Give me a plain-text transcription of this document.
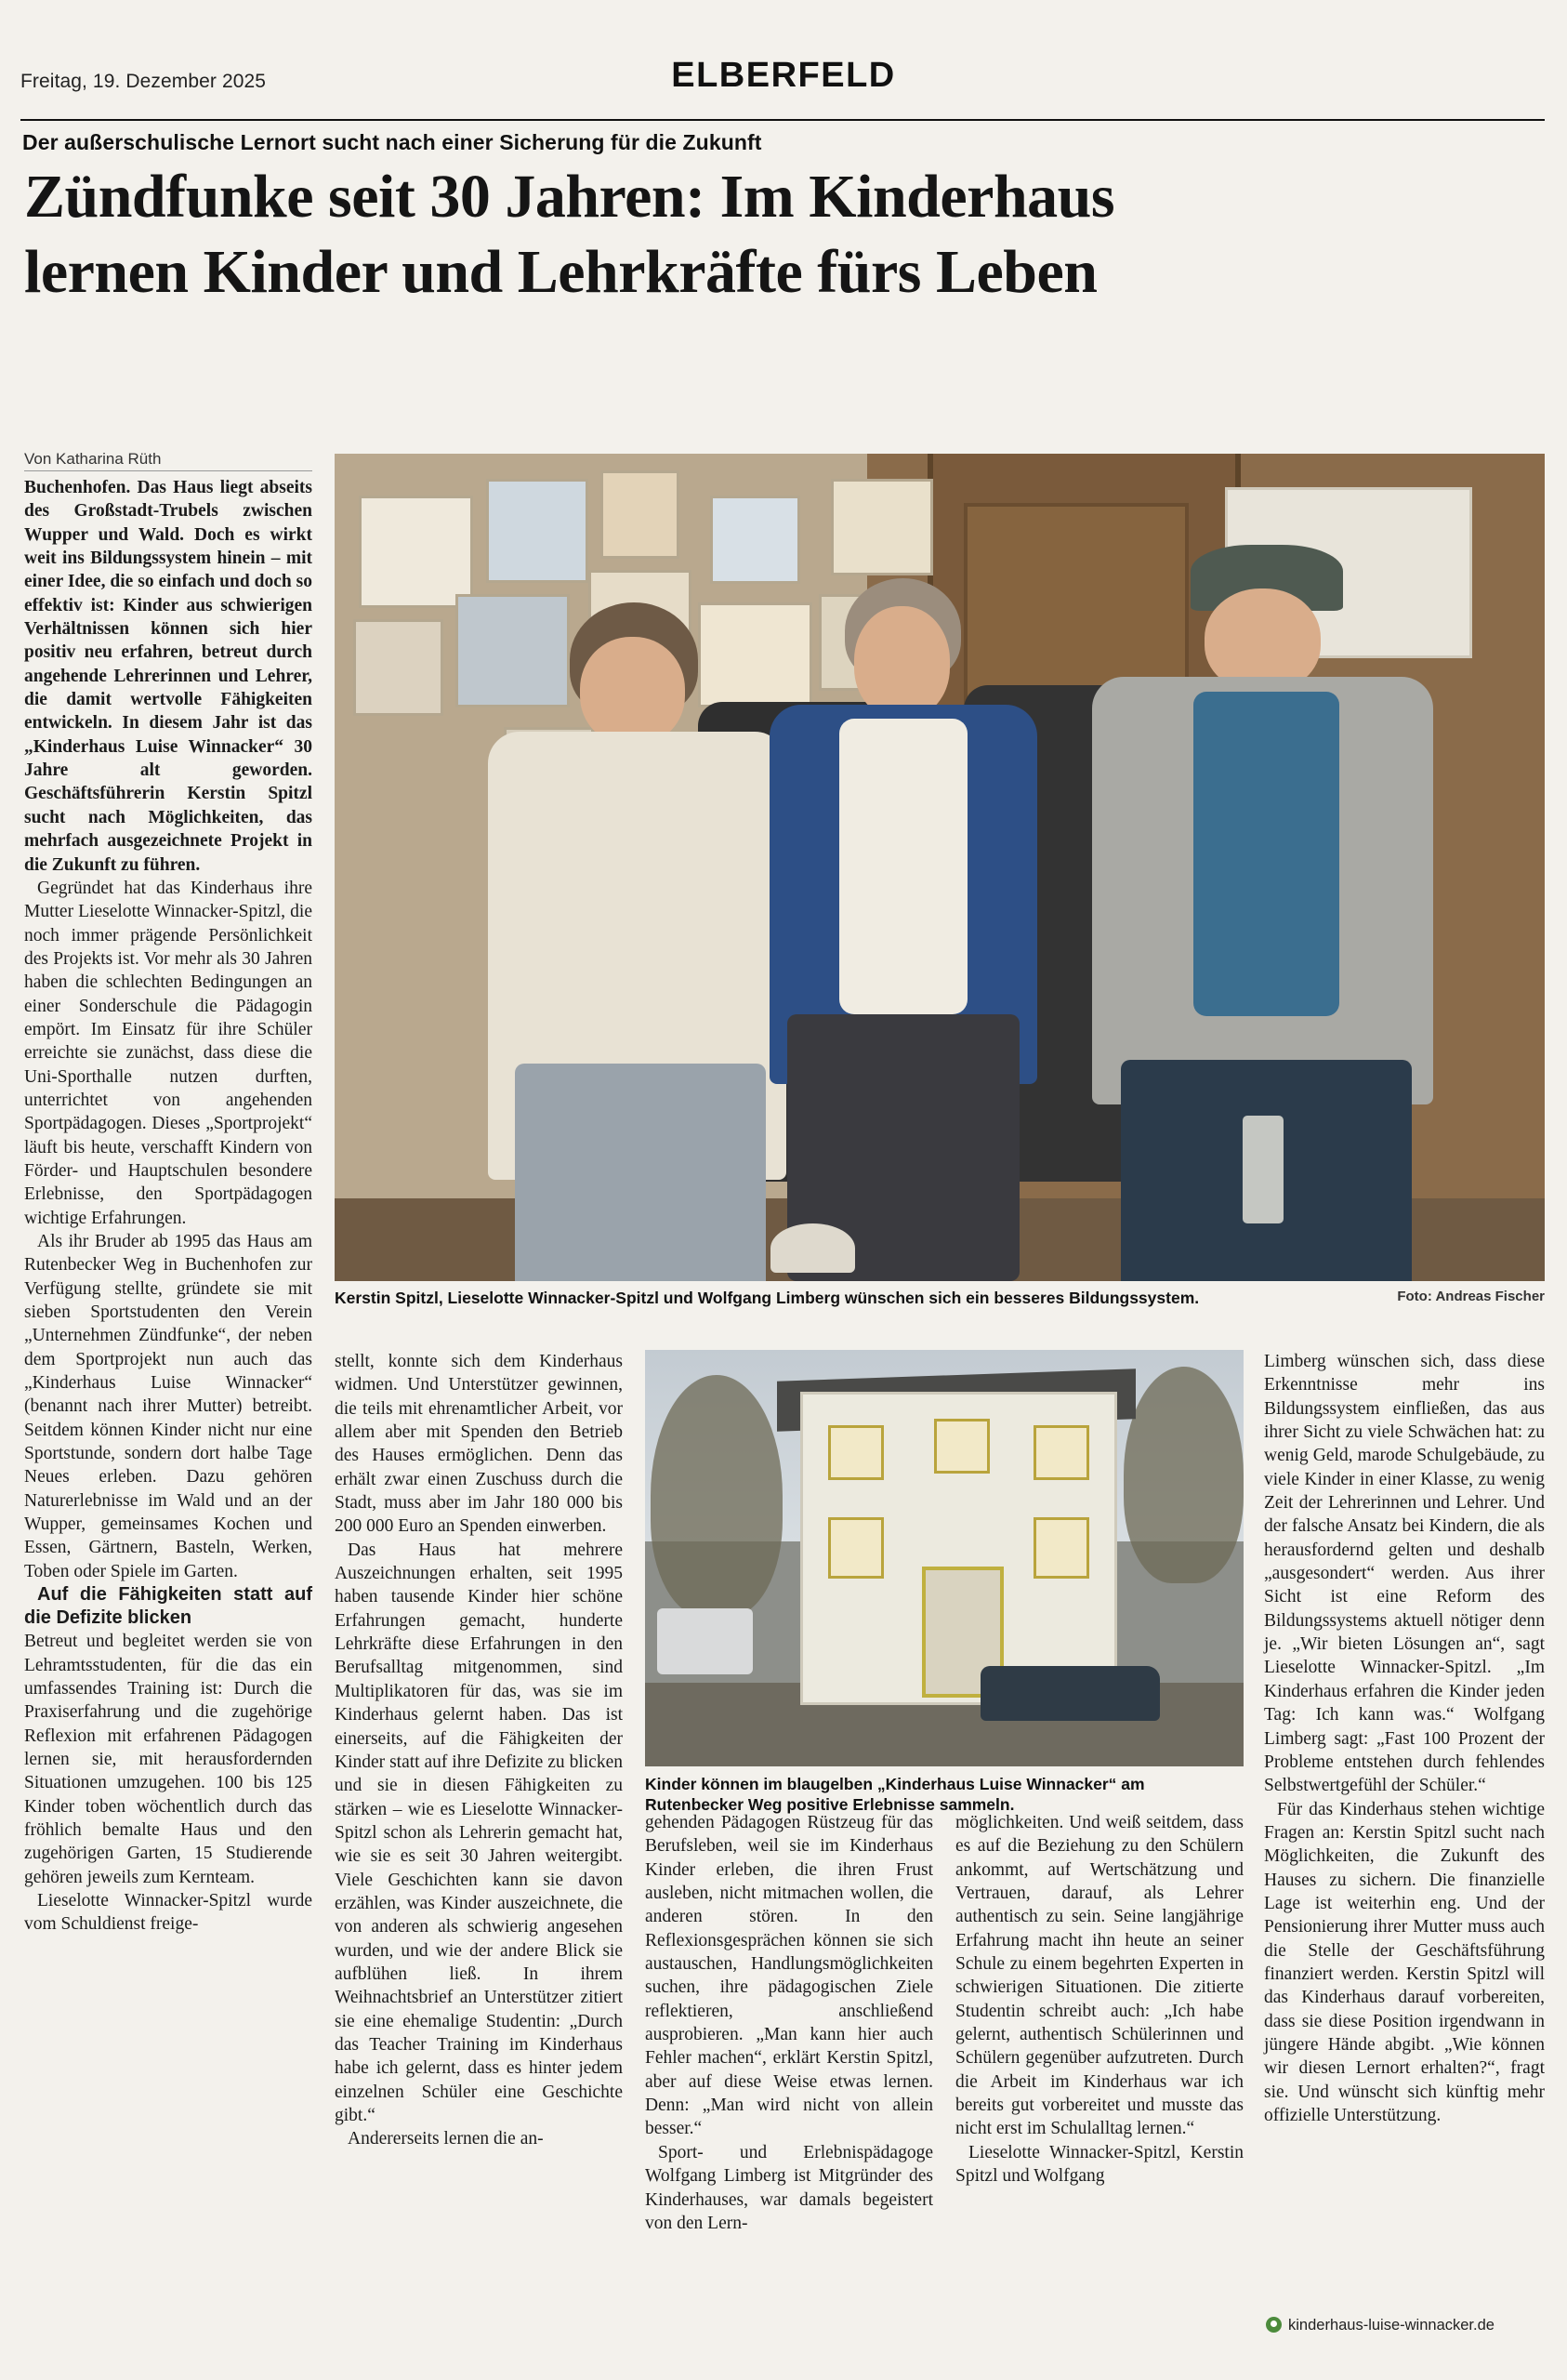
Freitag, 19. Dezember 2025	ELBERFELD
Der außerschulische Lernort sucht nach einer Sicherung für die Zukunft
Zündfunke seit 30 Jahren: Im Kinderhaus
lernen Kinder und Lehrkräfte fürs Leben
Von Katharina Rüth
Kerstin Spitzl, Lieselotte Winnacker-Spitzl und Wolfgang Limberg wünschen sich ein besseres Bildungssystem.	Foto: Andreas Fischer
Kinder können im blaugelben „Kinderhaus Luise Winnacker“ am Rutenbecker Weg positive Erlebnisse sammeln.

Buchenhofen. Das Haus liegt abseits des Großstadt-Trubels zwischen Wupper und Wald. Doch es wirkt weit ins Bildungssystem hinein – mit einer Idee, die so einfach und doch so effektiv ist: Kinder aus schwierigen Verhältnissen können sich hier positiv neu erfahren, betreut durch angehende Lehrerinnen und Lehrer, die damit wertvolle Fähigkeiten entwickeln. In diesem Jahr ist das „Kinderhaus Luise Winnacker“ 30 Jahre alt geworden. Geschäftsführerin Kerstin Spitzl sucht nach Möglichkeiten, das mehrfach ausgezeichnete Projekt in die Zukunft zu führen.

Gegründet hat das Kinderhaus ihre Mutter Lieselotte Winnacker-Spitzl, die noch immer prägende Persönlichkeit des Projekts ist. Vor mehr als 30 Jahren haben die schlechten Bedingungen an einer Sonderschule die Pädagogin empört. Im Einsatz für ihre Schüler erreichte sie zunächst, dass diese die Uni-Sporthalle nutzen durften, unterrichtet von angehenden Sportpädagogen. Dieses „Sportprojekt“ läuft bis heute, verschafft Kindern von Förder- und Hauptschulen besondere Erlebnisse, den Sportpädagogen wichtige Erfahrungen.

Als ihr Bruder ab 1995 das Haus am Rutenbecker Weg in Buchenhofen zur Verfügung stellte, gründete sie mit sieben Sportstudenten den Verein „Unternehmen Zündfunke“, der neben dem Sportprojekt nun auch das „Kinderhaus Luise Winnacker“ (benannt nach ihrer Mutter) betreibt. Seitdem können Kinder nicht nur eine Sportstunde, sondern dort halbe Tage Neues erleben. Dazu gehören Naturerlebnisse im Wald und an der Wupper, gemeinsames Kochen und Essen, Gärtnern, Basteln, Werken, Toben oder Spiele im Garten.

Auf die Fähigkeiten statt auf die Defizite blicken

Betreut und begleitet werden sie von Lehramtsstudenten, für die das ein umfassendes Training ist: Durch die Praxiserfahrung und die zugehörige Reflexion mit erfahrenen Pädagogen lernen sie, mit herausfordernden Situationen umzugehen. 100 bis 125 Kinder toben wöchentlich durch das fröhlich bemalte Haus und den zugehörigen Garten, 15 Studierende gehören jeweils zum Kernteam.

Lieselotte Winnacker-Spitzl wurde vom Schuldienst freige-

stellt, konnte sich dem Kinderhaus widmen. Und Unterstützer gewinnen, die teils mit ehrenamtlicher Arbeit, vor allem aber mit Spenden den Betrieb des Hauses ermöglichen. Denn das erhält zwar einen Zuschuss durch die Stadt, muss aber im Jahr 180 000 bis 200 000 Euro an Spenden einwerben.

Das Haus hat mehrere Auszeichnungen erhalten, seit 1995 haben tausende Kinder hier schöne Erfahrungen gemacht, hunderte Lehrkräfte diese Erfahrungen in den Berufsalltag mitgenommen, sind Multiplikatoren für das, was sie im Kinderhaus gelernt haben. Das ist einerseits, auf die Fähigkeiten der Kinder statt auf ihre Defizite zu blicken und sie in diesen Fähigkeiten zu stärken – wie es Lieselotte Winnacker-Spitzl schon als Lehrerin gemacht hat, wie sie es seit 30 Jahren weitergibt. Viele Geschichten kann sie davon erzählen, was Kinder auszeichnete, die von anderen als schwierig angesehen wurden, und wie der andere Blick sie aufblühen ließ. In ihrem Weihnachtsbrief an Unterstützer zitiert sie eine ehemalige Studentin: „Durch das Teacher Training im Kinderhaus habe ich gelernt, dass es hinter jedem einzelnen Schüler eine Geschichte gibt.“

Andererseits lernen die an-

gehenden Pädagogen Rüstzeug für das Berufsleben, weil sie im Kinderhaus Kinder erleben, die ihren Frust ausleben, nicht mitmachen wollen, die anderen stören. In den Reflexionsgesprächen können sie sich austauschen, Handlungsmöglichkeiten suchen, ihre pädagogischen Ziele reflektieren, anschließend ausprobieren. „Man kann hier auch Fehler machen“, erklärt Kerstin Spitzl, aber auf diese Weise etwas lernen. Denn: „Man wird nicht von allein besser.“

Sport- und Erlebnispädagoge Wolfgang Limberg ist Mitgründer des Kinderhauses, war damals begeistert von den Lern-

möglichkeiten. Und weiß seitdem, dass es auf die Beziehung zu den Schülern ankommt, auf Wertschätzung und Vertrauen, darauf, als Lehrer authentisch zu sein. Seine langjährige Erfahrung macht ihn heute an seiner Schule zu einem begehrten Experten in schwierigen Situationen. Die zitierte Studentin schreibt auch: „Ich habe gelernt, authentisch Schülerinnen und Schülern gegenüber aufzutreten. Durch die Arbeit im Kinderhaus war ich bereits gut vorbereitet und musste das nicht erst im Schulalltag lernen.“

Lieselotte Winnacker-Spitzl, Kerstin Spitzl und Wolfgang

Limberg wünschen sich, dass diese Erkenntnisse mehr ins Bildungssystem einfließen, das aus ihrer Sicht zu viele Schwächen hat: zu wenig Geld, marode Schulgebäude, zu viele Kinder in einer Klasse, zu wenig Zeit der Lehrerinnen und Lehrer. Und der falsche Ansatz bei Kindern, die als herausfordernd gelten und deshalb „ausgesondert“ werden. Aus ihrer Sicht ist eine Reform des Bildungssystems aktuell nötiger denn je. „Wir bieten Lösungen an“, sagt Lieselotte Winnacker-Spitzl. „Im Kinderhaus erfahren die Kinder jeden Tag: Ich kann was.“ Wolfgang Limberg sagt: „Fast 100 Prozent der Probleme entstehen durch fehlendes Selbstwertgefühl der Schüler.“

Für das Kinderhaus stehen wichtige Fragen an: Kerstin Spitzl sucht nach Möglichkeiten, die Zukunft des Hauses zu sichern. Die finanzielle Lage ist weiterhin eng. Und der Pensionierung ihrer Mutter muss auch die Stelle der Geschäftsführung finanziert werden. Kerstin Spitzl will das Kinderhaus darauf vorbereiten, dass sie diese Position irgendwann in jüngere Hände abgibt. „Wie können wir diesen Lernort erhalten?“, fragt sie. Und wünscht sich künftig mehr offizielle Unterstützung.

kinderhaus-luise-winnacker.de
